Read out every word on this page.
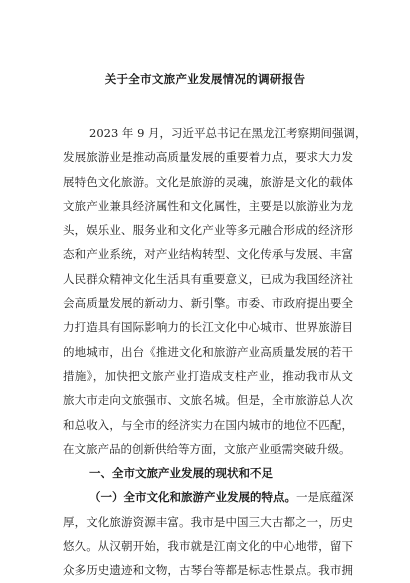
关于全市文旅产业发展情况的调研报告
2023 年 9 月，习近平总书记在黑龙江考察期间强调，
发展旅游业是推动高质量发展的重要着力点，要求大力发
展特色文化旅游。文化是旅游的灵魂，旅游是文化的载体
文旅产业兼具经济属性和文化属性，主要是以旅游业为龙
头，娱乐业、服务业和文化产业等多元融合形成的经济形
态和产业系统，对产业结构转型、文化传承与发展、丰富
人民群众精神文化生活具有重要意义，已成为我国经济社
会高质量发展的新动力、新引擎。市委、市政府提出要全
力打造具有国际影响力的长江文化中心城市、世界旅游目
的地城市，出台《推进文化和旅游产业高质量发展的若干
措施》，加快把文旅产业打造成支柱产业，推动我市从文
旅大市走向文旅强市、文旅名城。但是，全市旅游总人次
和总收入，与全市的经济实力在国内城市的地位不匹配，
在文旅产品的创新供给等方面，文旅产业亟需突破升级。
一、全市文旅产业发展的现状和不足
（一）全市文化和旅游产业发展的特点。一是底蕴深
厚，文化旅游资源丰富。我市是中国三大古都之一，历史
悠久。从汉朝开始，我市就是江南文化的中心地带，留下
众多历史遗迹和文物，古琴台等都是标志性景点。我市拥
